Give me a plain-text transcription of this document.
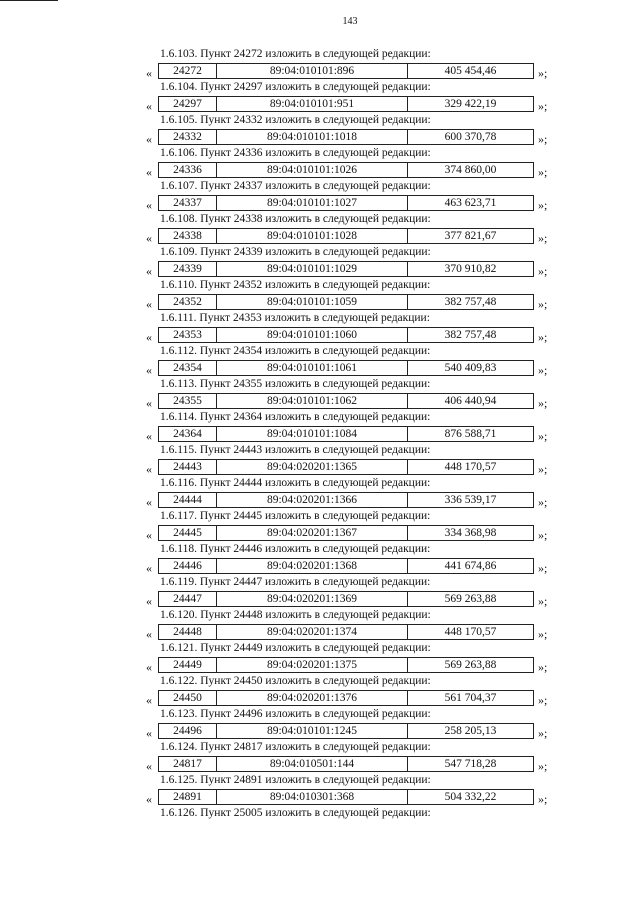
143
1.6.103. Пункт 24272 изложить в следующей редакции:
«	24272	89:04:010101:896	405 454,46	»;
1.6.104. Пункт 24297 изложить в следующей редакции:
«	24297	89:04:010101:951	329 422,19	»;
1.6.105. Пункт 24332 изложить в следующей редакции:
«	24332	89:04:010101:1018	600 370,78	»;
1.6.106. Пункт 24336 изложить в следующей редакции:
«	24336	89:04:010101:1026	374 860,00	»;
1.6.107. Пункт 24337 изложить в следующей редакции:
«	24337	89:04:010101:1027	463 623,71	»;
1.6.108. Пункт 24338 изложить в следующей редакции:
«	24338	89:04:010101:1028	377 821,67	»;
1.6.109. Пункт 24339 изложить в следующей редакции:
«	24339	89:04:010101:1029	370 910,82	»;
1.6.110. Пункт 24352 изложить в следующей редакции:
«	24352	89:04:010101:1059	382 757,48	»;
1.6.111. Пункт 24353 изложить в следующей редакции:
«	24353	89:04:010101:1060	382 757,48	»;
1.6.112. Пункт 24354 изложить в следующей редакции:
«	24354	89:04:010101:1061	540 409,83	»;
1.6.113. Пункт 24355 изложить в следующей редакции:
«	24355	89:04:010101:1062	406 440,94	»;
1.6.114. Пункт 24364 изложить в следующей редакции:
«	24364	89:04:010101:1084	876 588,71	»;
1.6.115. Пункт 24443 изложить в следующей редакции:
«	24443	89:04:020201:1365	448 170,57	»;
1.6.116. Пункт 24444 изложить в следующей редакции:
«	24444	89:04:020201:1366	336 539,17	»;
1.6.117. Пункт 24445 изложить в следующей редакции:
«	24445	89:04:020201:1367	334 368,98	»;
1.6.118. Пункт 24446 изложить в следующей редакции:
«	24446	89:04:020201:1368	441 674,86	»;
1.6.119. Пункт 24447 изложить в следующей редакции:
«	24447	89:04:020201:1369	569 263,88	»;
1.6.120. Пункт 24448 изложить в следующей редакции:
«	24448	89:04:020201:1374	448 170,57	»;
1.6.121. Пункт 24449 изложить в следующей редакции:
«	24449	89:04:020201:1375	569 263,88	»;
1.6.122. Пункт 24450 изложить в следующей редакции:
«	24450	89:04:020201:1376	561 704,37	»;
1.6.123. Пункт 24496 изложить в следующей редакции:
«	24496	89:04:010101:1245	258 205,13	»;
1.6.124. Пункт 24817 изложить в следующей редакции:
«	24817	89:04:010501:144	547 718,28	»;
1.6.125. Пункт 24891 изложить в следующей редакции:
«	24891	89:04:010301:368	504 332,22	»;
1.6.126. Пункт 25005 изложить в следующей редакции:
